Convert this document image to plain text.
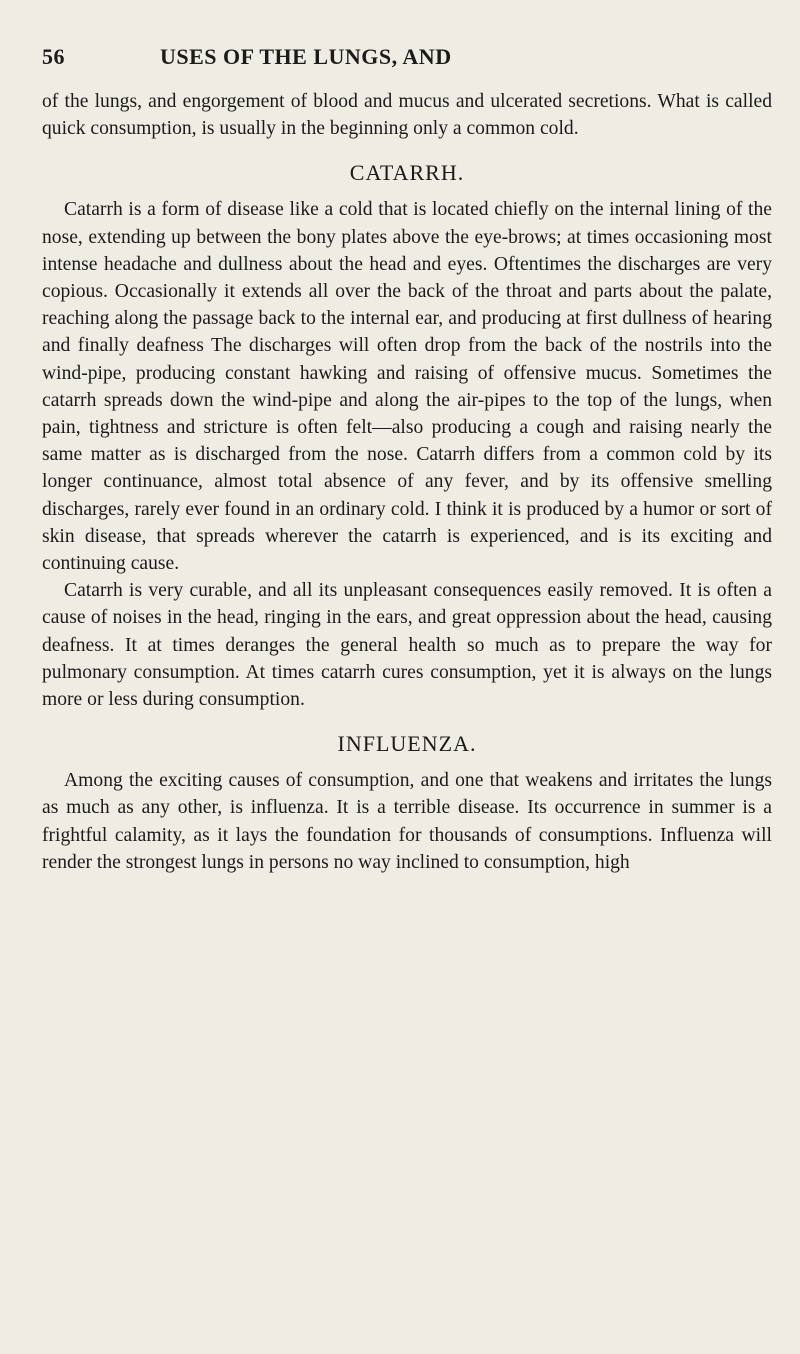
56	USES OF THE LUNGS, AND

of the lungs, and engorgement of blood and mucus and ulcerated secretions. What is called quick consumption, is usually in the beginning only a common cold.

CATARRH.

Catarrh is a form of disease like a cold that is located chiefly on the internal lining of the nose, extending up between the bony plates above the eye-brows; at times occasioning most intense headache and dullness about the head and eyes. Oftentimes the discharges are very copious. Occasionally it extends all over the back of the throat and parts about the palate, reaching along the passage back to the internal ear, and producing at first dullness of hearing and finally deafness The discharges will often drop from the back of the nostrils into the wind-pipe, producing constant hawking and raising of offensive mucus. Sometimes the catarrh spreads down the wind-pipe and along the air-pipes to the top of the lungs, when pain, tightness and stricture is often felt—also producing a cough and raising nearly the same matter as is discharged from the nose. Catarrh differs from a common cold by its longer continuance, almost total absence of any fever, and by its offensive smelling discharges, rarely ever found in an ordinary cold. I think it is produced by a humor or sort of skin disease, that spreads wherever the catarrh is experienced, and is its exciting and continuing cause.

Catarrh is very curable, and all its unpleasant consequences easily removed. It is often a cause of noises in the head, ringing in the ears, and great oppression about the head, causing deafness. It at times deranges the general health so much as to prepare the way for pulmonary consumption. At times catarrh cures consumption, yet it is always on the lungs more or less during consumption.

INFLUENZA.

Among the exciting causes of consumption, and one that weakens and irritates the lungs as much as any other, is influenza. It is a terrible disease. Its occurrence in summer is a frightful calamity, as it lays the foundation for thousands of consumptions. Influenza will render the strongest lungs in persons no way inclined to consumption, high
